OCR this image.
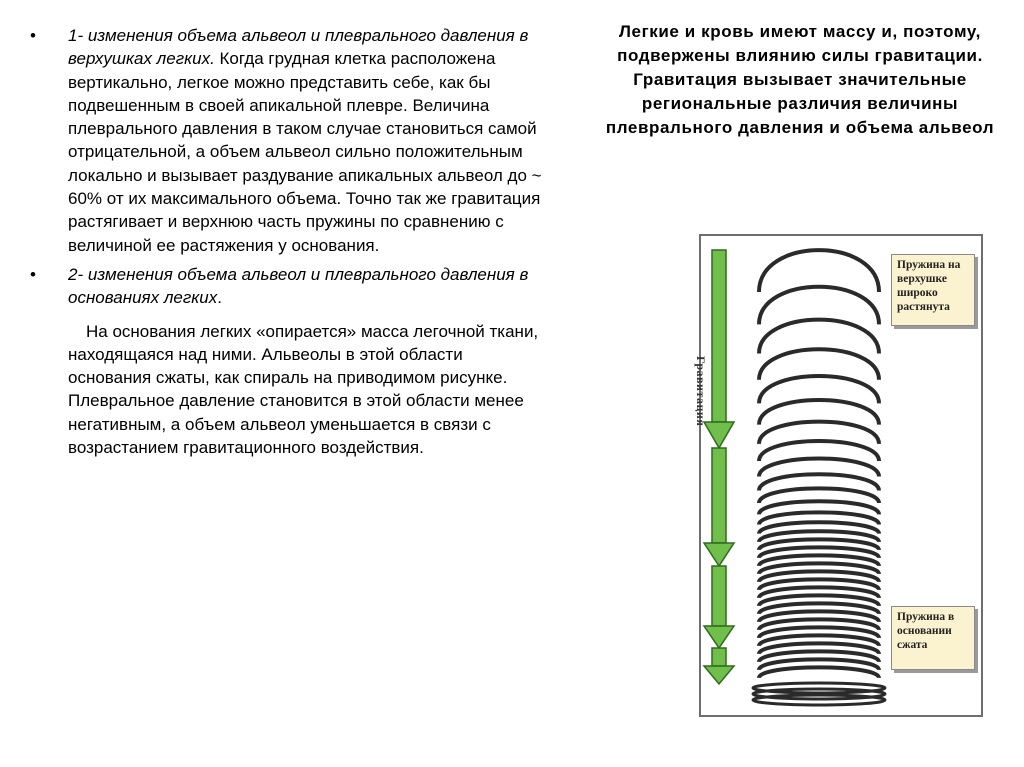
• 1- изменения объема альвеол и плеврального давления в верхушках легких. Когда грудная клетка расположена вертикально, легкое можно представить себе, как бы подвешенным в своей апикальной плевре. Величина плеврального давления в таком случае становиться самой отрицательной, а объем альвеол сильно положительным локально и вызывает раздувание апикальных альвеол до ~ 60% от их максимального объема. Точно так же гравитация растягивает и верхнюю часть пружины по сравнению с величиной ее растяжения у основания.
• 2- изменения объема альвеол и плеврального давления в основаниях легких.
На основания легких «опирается» масса легочной ткани, находящаяся над ними. Альвеолы в этой области основания сжаты, как спираль на приводимом рисунке. Плевральное давление становится в этой области менее негативным, а объем альвеол уменьшается в связи с возрастанием гравитационного воздействия.
Легкие и кровь имеют массу и, поэтому, подвержены влиянию силы гравитации. Гравитация вызывает значительные региональные различия величины плеврального давления и объема альвеол
Гравитация
Пружина на верхушке широко растянута
Пружина в основании сжата
